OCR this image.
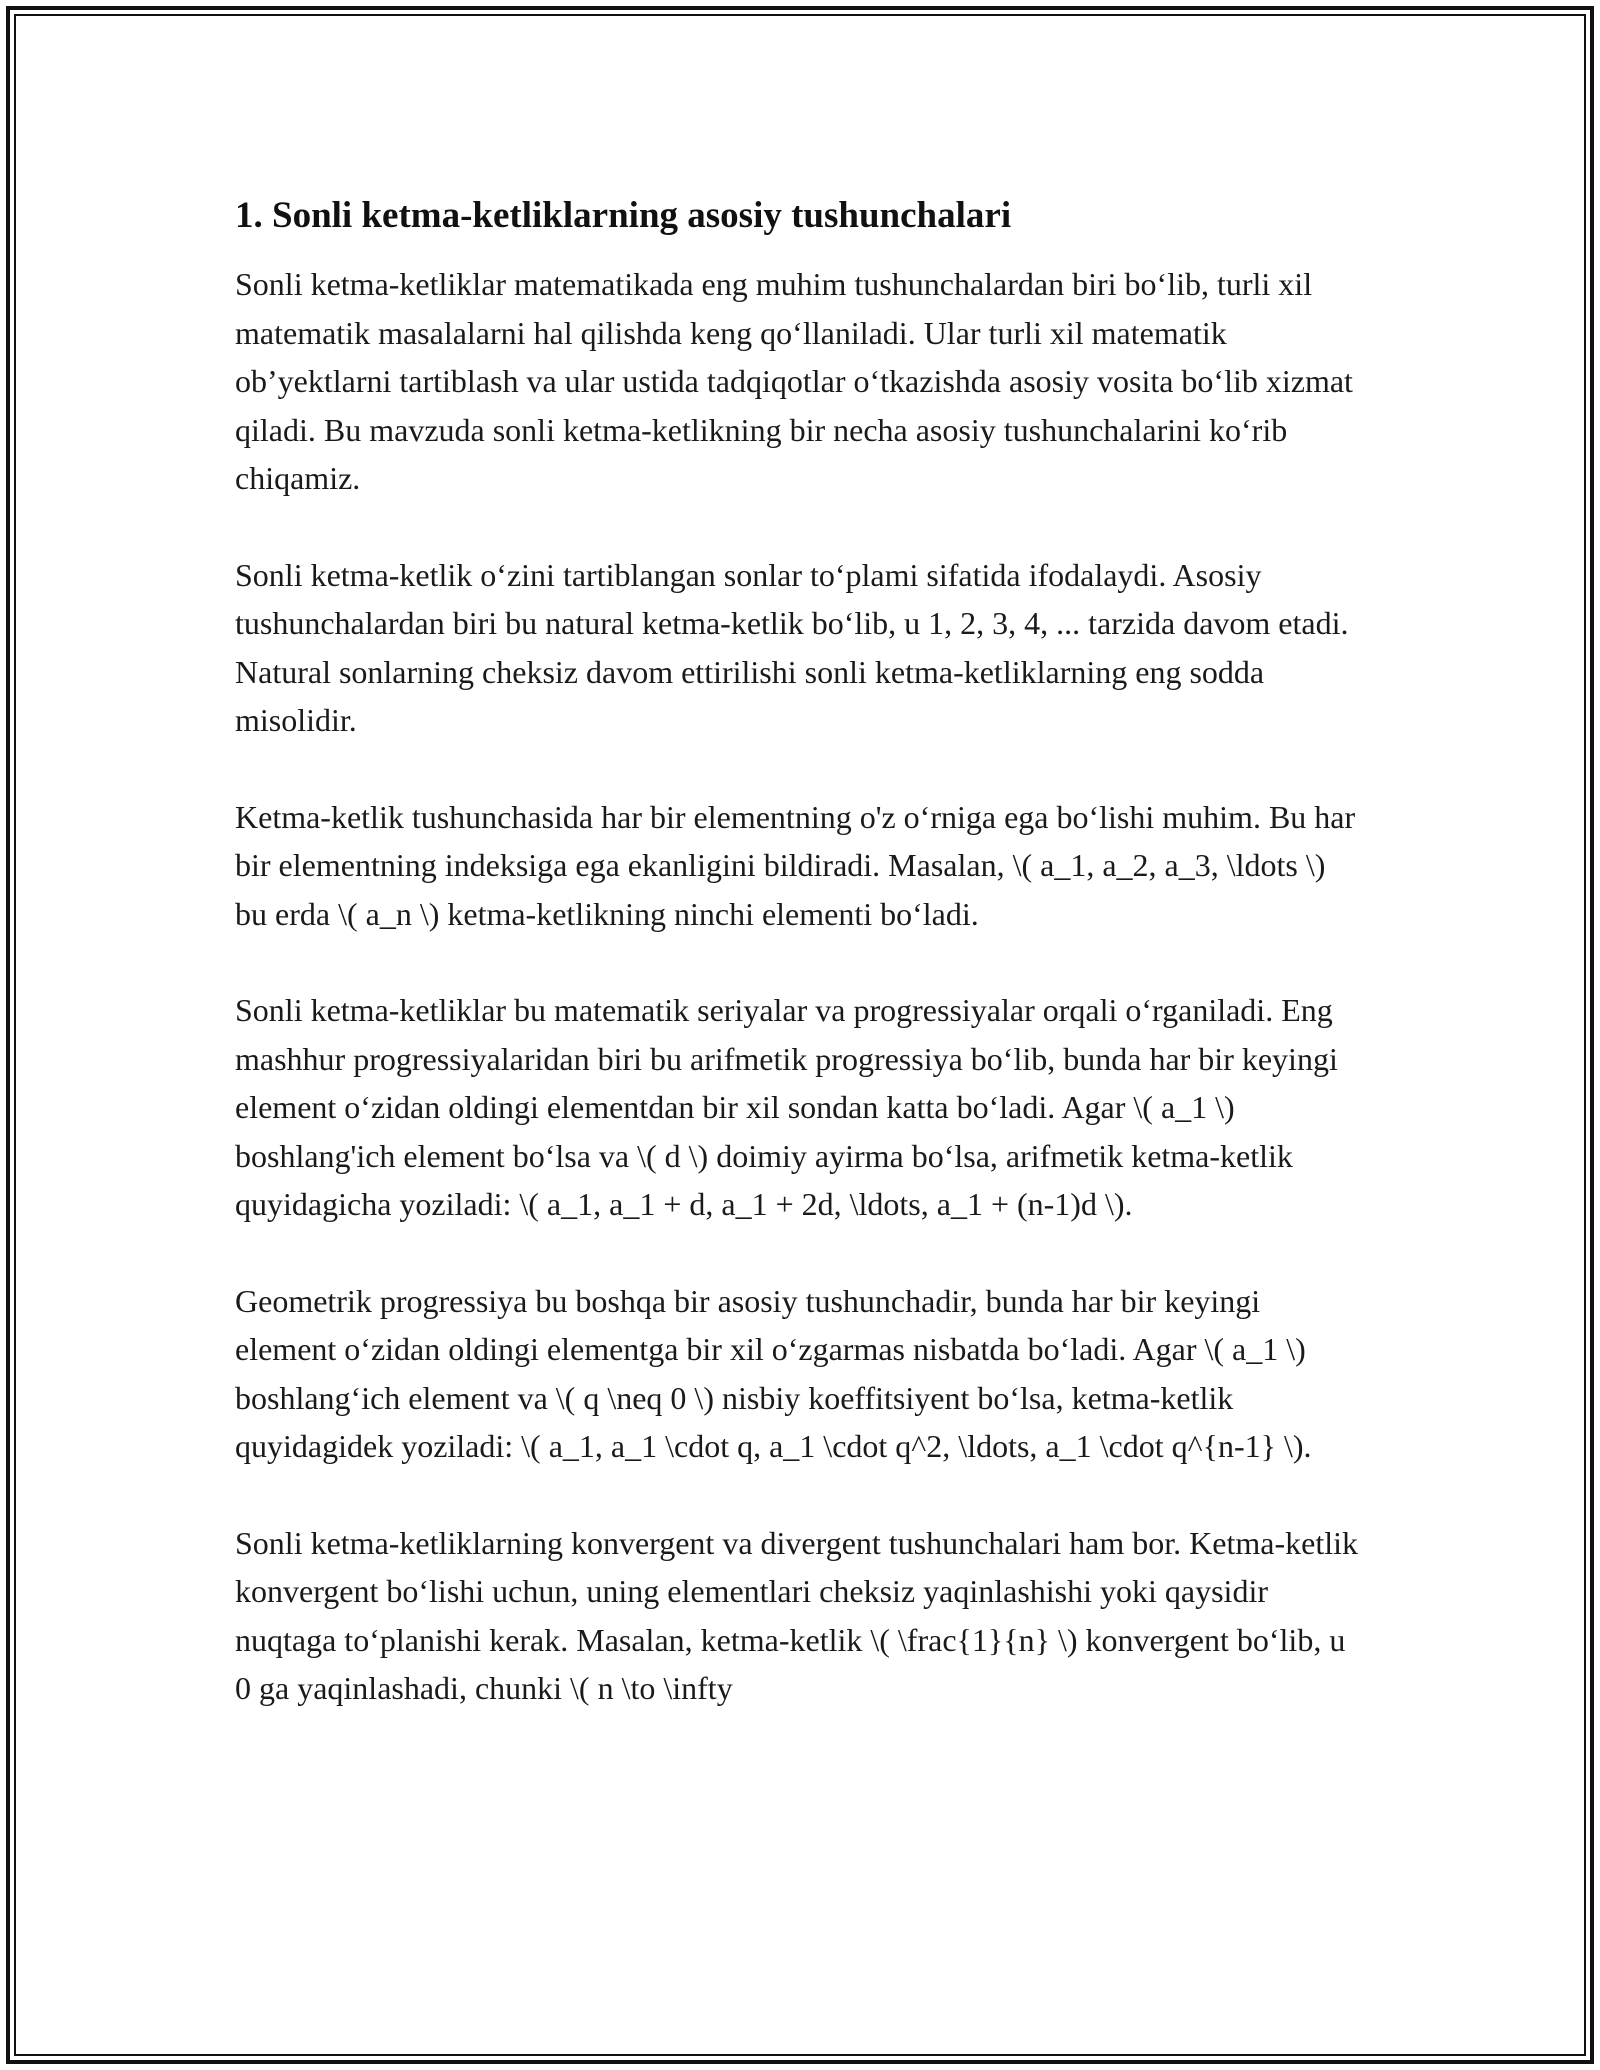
1. Sonli ketma-ketliklarning asosiy tushunchalari

Sonli ketma-ketliklar matematikada eng muhim tushunchalardan biri bo‘lib, turli xil matematik masalalarni hal qilishda keng qo‘llaniladi. Ular turli xil matematik ob’yektlarni tartiblash va ular ustida tadqiqotlar o‘tkazishda asosiy vosita bo‘lib xizmat qiladi. Bu mavzuda sonli ketma-ketlikning bir necha asosiy tushunchalarini ko‘rib chiqamiz.

Sonli ketma-ketlik o‘zini tartiblangan sonlar to‘plami sifatida ifodalaydi. Asosiy tushunchalardan biri bu natural ketma-ketlik bo‘lib, u 1, 2, 3, 4, ... tarzida davom etadi. Natural sonlarning cheksiz davom ettirilishi sonli ketma-ketliklarning eng sodda misolidir.

Ketma-ketlik tushunchasida har bir elementning o'z o‘rniga ega bo‘lishi muhim. Bu har bir elementning indeksiga ega ekanligini bildiradi. Masalan, \( a_1, a_2, a_3, \ldots \) bu erda \( a_n \) ketma-ketlikning ninchi elementi bo‘ladi.

Sonli ketma-ketliklar bu matematik seriyalar va progressiyalar orqali o‘rganiladi. Eng mashhur progressiyalaridan biri bu arifmetik progressiya bo‘lib, bunda har bir keyingi element o‘zidan oldingi elementdan bir xil sondan katta bo‘ladi. Agar \( a_1 \) boshlang'ich element bo‘lsa va \( d \) doimiy ayirma bo‘lsa, arifmetik ketma-ketlik quyidagicha yoziladi: \( a_1, a_1 + d, a_1 + 2d, \ldots, a_1 + (n-1)d \).

Geometrik progressiya bu boshqa bir asosiy tushunchadir, bunda har bir keyingi element o‘zidan oldingi elementga bir xil o‘zgarmas nisbatda bo‘ladi. Agar \( a_1 \) boshlang‘ich element va \( q \neq 0 \) nisbiy koeffitsiyent bo‘lsa, ketma-ketlik quyidagidek yoziladi: \( a_1, a_1 \cdot q, a_1 \cdot q^2, \ldots, a_1 \cdot q^{n-1} \).

Sonli ketma-ketliklarning konvergent va divergent tushunchalari ham bor. Ketma-ketlik konvergent bo‘lishi uchun, uning elementlari cheksiz yaqinlashishi yoki qaysidir nuqtaga to‘planishi kerak. Masalan, ketma-ketlik \( \frac{1}{n} \) konvergent bo‘lib, u 0 ga yaqinlashadi, chunki \( n \to \infty
